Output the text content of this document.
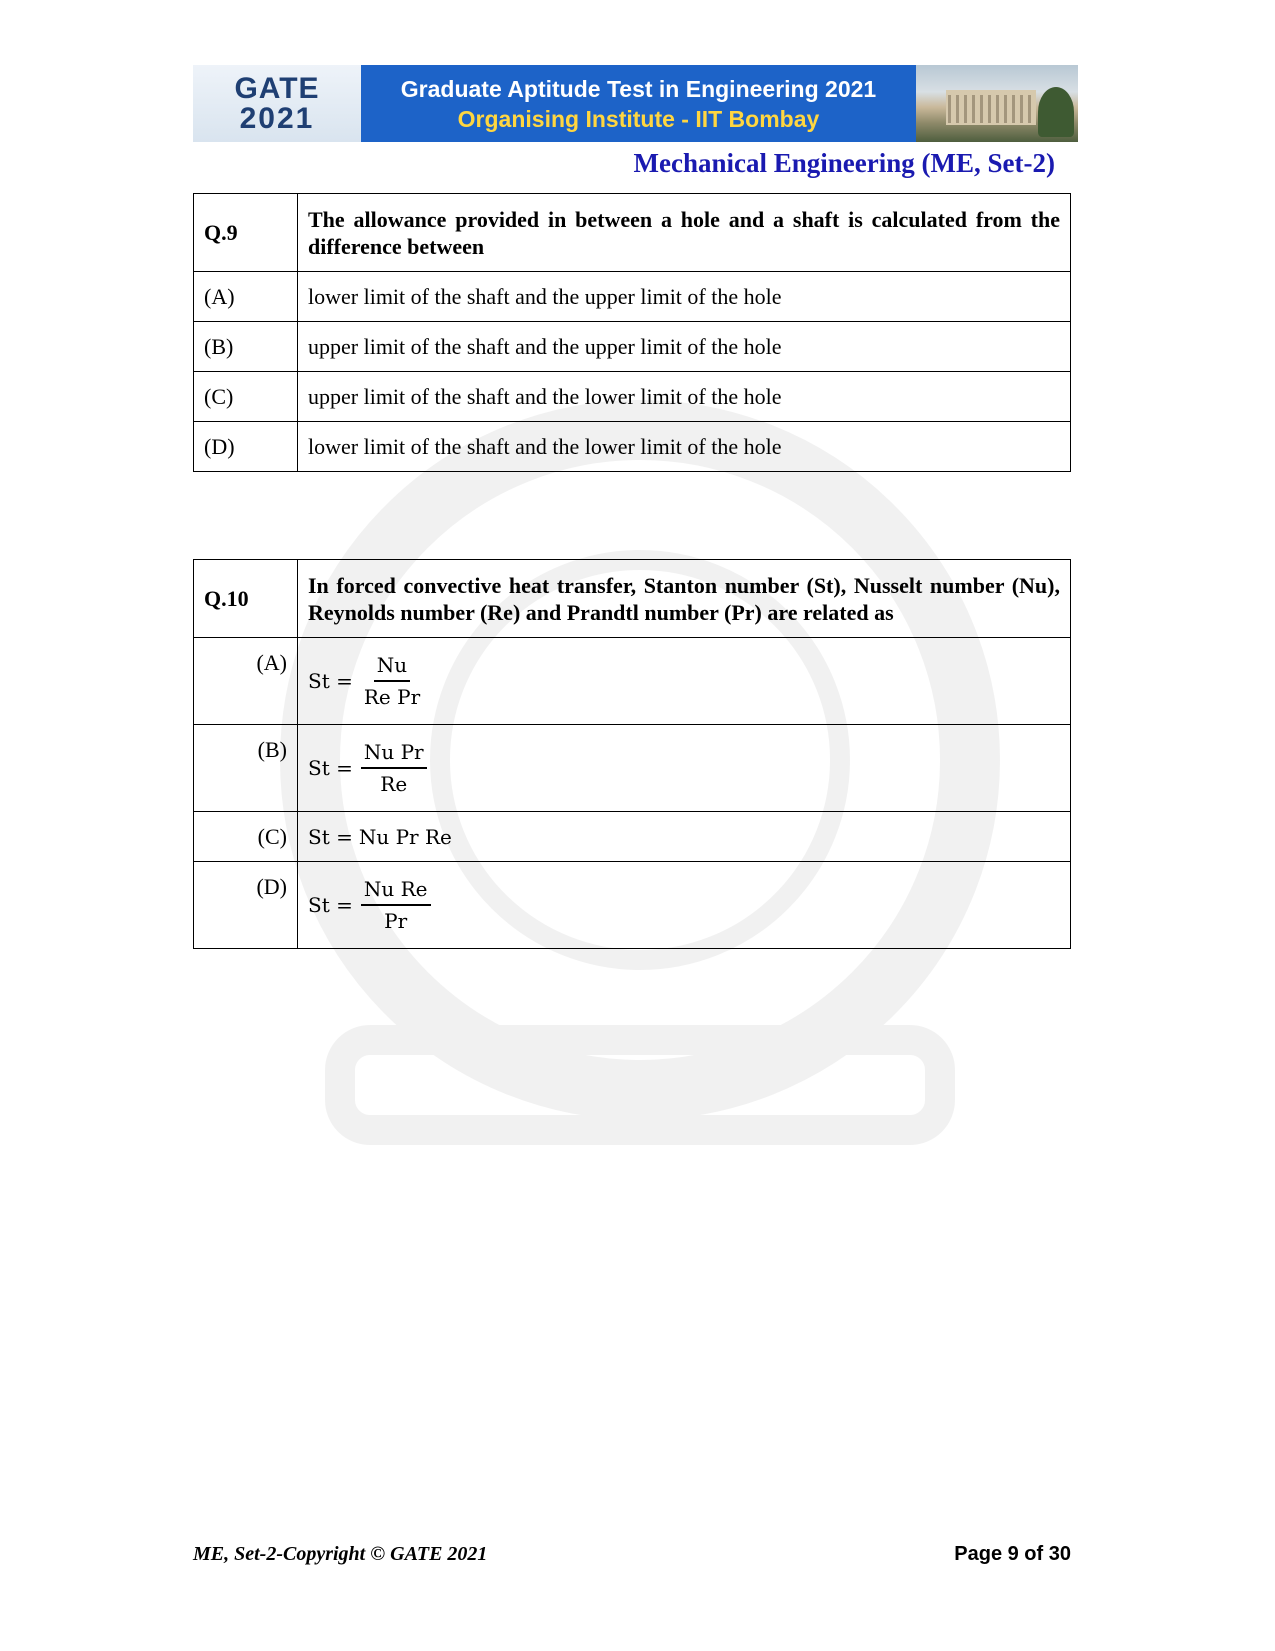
GATE
2021
Graduate Aptitude Test in Engineering 2021
Organising Institute - IIT Bombay
Mechanical Engineering (ME, Set-2)
Q.9	The allowance provided in between a hole and a shaft is calculated from the difference between
(A)	lower limit of the shaft and the upper limit of the hole
(B)	upper limit of the shaft and the upper limit of the hole
(C)	upper limit of the shaft and the lower limit of the hole
(D)	lower limit of the shaft and the lower limit of the hole
Q.10	In forced convective heat transfer, Stanton number (St), Nusselt number (Nu), Reynolds number (Re) and Prandtl number (Pr) are related as
(A)	$St = \frac{Nu}{\text{Re Pr}}$

(B)	$St = \frac{\text{Nu Pr}}{Re}$

(C)	St = Nu Pr Re

(D)	$St = \frac{\text{Nu Re}}{Pr}$
ME, Set-2-Copyright © GATE 2021	Page 9 of 30
